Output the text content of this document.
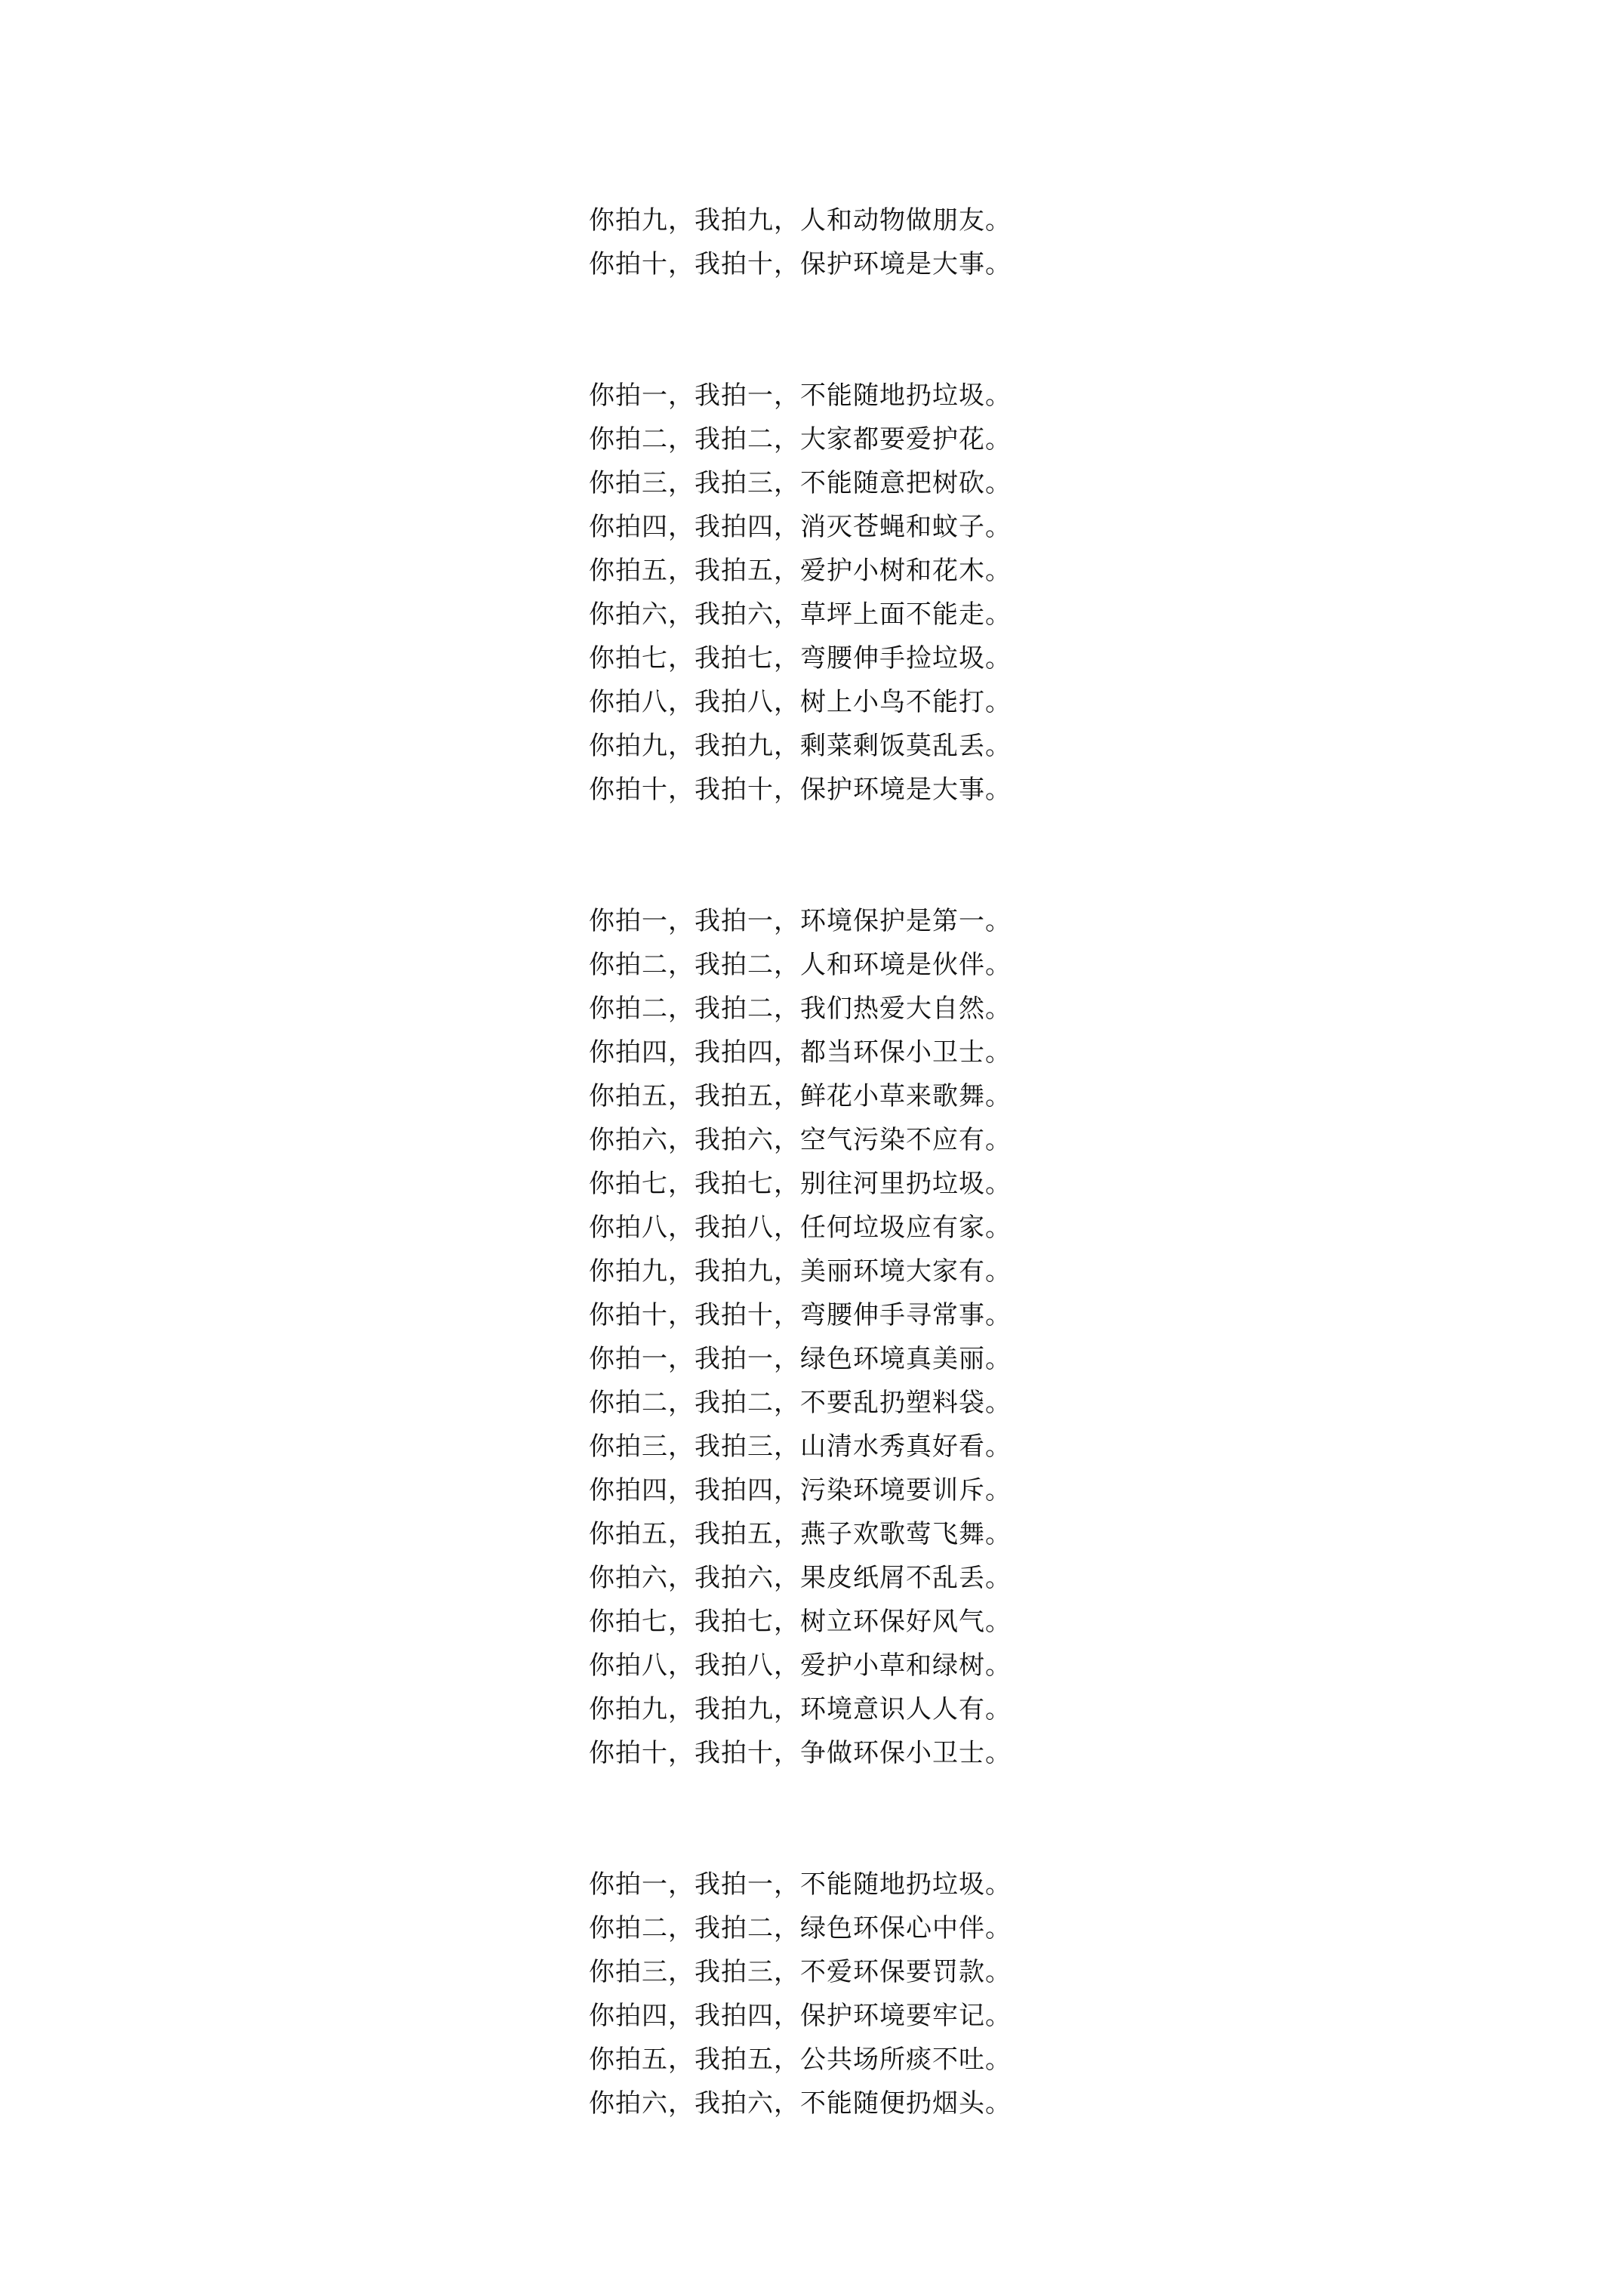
你拍九，我拍九，人和动物做朋友。
你拍十，我拍十，保护环境是大事。
你拍一，我拍一，不能随地扔垃圾。
你拍二，我拍二，大家都要爱护花。
你拍三，我拍三，不能随意把树砍。
你拍四，我拍四，消灭苍蝇和蚊子。
你拍五，我拍五，爱护小树和花木。
你拍六，我拍六，草坪上面不能走。
你拍七，我拍七，弯腰伸手捡垃圾。
你拍八，我拍八，树上小鸟不能打。
你拍九，我拍九，剩菜剩饭莫乱丢。
你拍十，我拍十，保护环境是大事。
你拍一，我拍一，环境保护是第一。
你拍二，我拍二，人和环境是伙伴。
你拍二，我拍二，我们热爱大自然。
你拍四，我拍四，都当环保小卫士。
你拍五，我拍五，鲜花小草来歌舞。
你拍六，我拍六，空气污染不应有。
你拍七，我拍七，别往河里扔垃圾。
你拍八，我拍八，任何垃圾应有家。
你拍九，我拍九，美丽环境大家有。
你拍十，我拍十，弯腰伸手寻常事。
你拍一，我拍一，绿色环境真美丽。
你拍二，我拍二，不要乱扔塑料袋。
你拍三，我拍三，山清水秀真好看。
你拍四，我拍四，污染环境要训斥。
你拍五，我拍五，燕子欢歌莺飞舞。
你拍六，我拍六，果皮纸屑不乱丢。
你拍七，我拍七，树立环保好风气。
你拍八，我拍八，爱护小草和绿树。
你拍九，我拍九，环境意识人人有。
你拍十，我拍十，争做环保小卫士。
你拍一，我拍一，不能随地扔垃圾。
你拍二，我拍二，绿色环保心中伴。
你拍三，我拍三，不爱环保要罚款。
你拍四，我拍四，保护环境要牢记。
你拍五，我拍五，公共场所痰不吐。
你拍六，我拍六，不能随便扔烟头。
